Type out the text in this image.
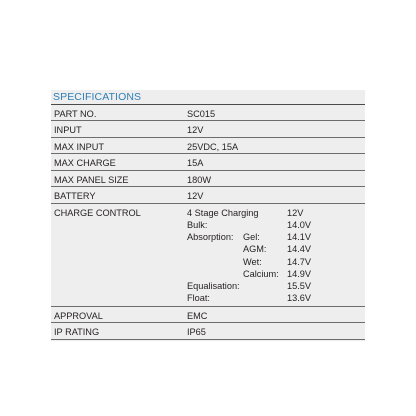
SPECIFICATIONS
PART NO.	SC015
INPUT	12V
MAX INPUT	25VDC, 15A
MAX CHARGE	15A
MAX PANEL SIZE	180W
BATTERY	12V
CHARGE CONTROL	4 Stage Charging	12V
Bulk:	14.0V
Absorption: Gel:	14.1V
AGM: 14.4V
Wet:	14.7V
Calcium: 14.9V
Equalisation:	15.5V
Float:	13.6V
APPROVAL	EMC
IP RATING	IP65
